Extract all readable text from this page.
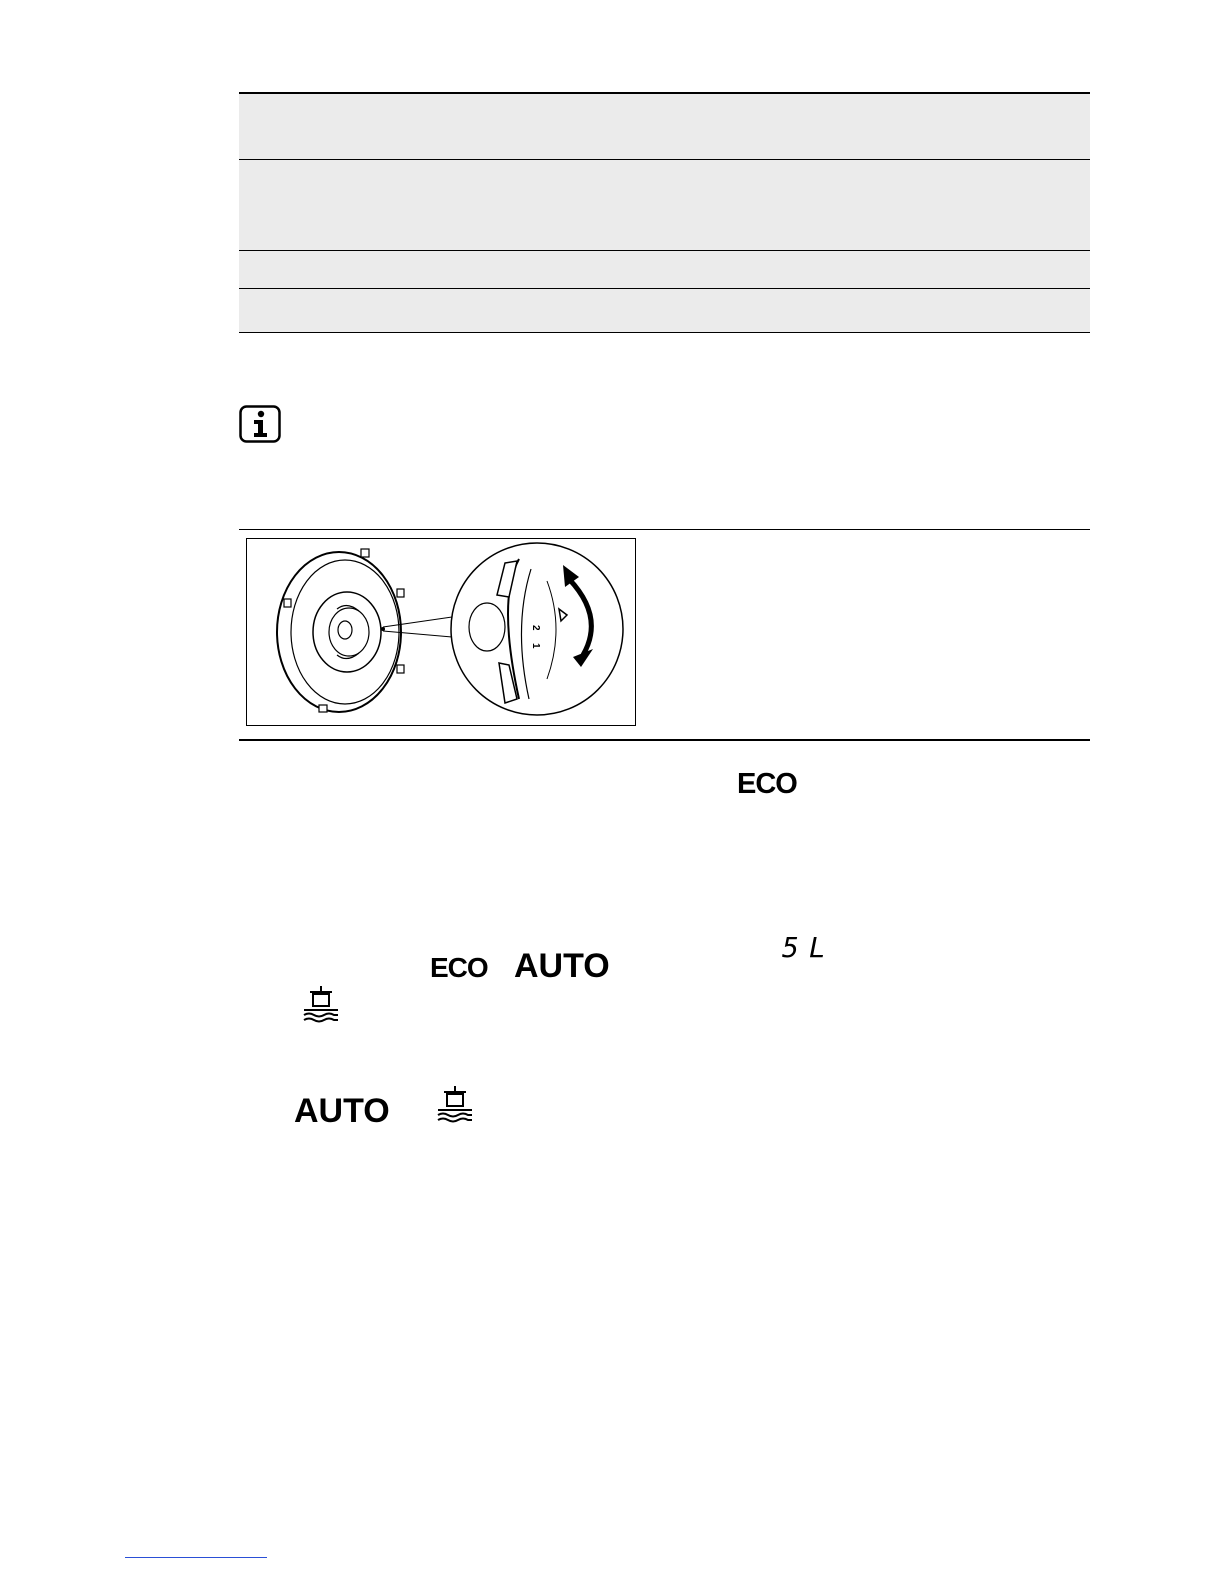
2
1
ECO
ECO AUTO
AUTO
5L
